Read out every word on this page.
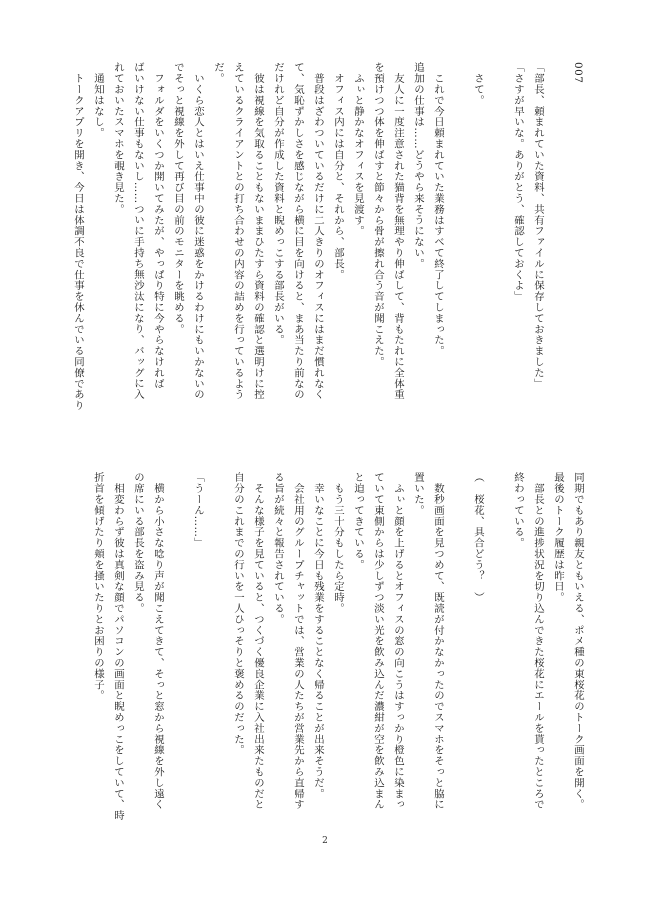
007

「部長、頼まれていた資料、共有ファイルに保存しておきました」
「さすが早いな。ありがとう、確認しておくよ」

　さて。

　これで今日頼まれていた業務はすべて終了してしまった。
追加の仕事は……どうやら来そうにない。
　友人に一度注意された猫背を無理やり伸ばして、背もたれに全体重
を預けつつ体を伸ばすと節々から骨が擦れ合う音が聞こえた。
　ふぃと静かなオフィスを見渡す。
　オフィス内には自分と、それから、部長。
　普段はざわついているだけに二人きりのオフィスにはまだ慣れなく
て、気恥ずかしさを感じながら横に目を向けると、まあ当たり前なの
だけれど自分が作成した資料と睨めっこする部長がいる。
　彼は視線を気取ることもないままひたすら資料の確認と選明けに控
えているクライアントとの打ち合わせの内容の詰めを行っているよう
だ。
　いくら恋人とはいえ仕事中の彼に迷惑をかけるわけにもいかないの
でそっと視線を外して再び目の前のモニターを眺める。
　フォルダをいくつか開いてみたが、やっぱり特に今やらなければ
ばいけない仕事もないし……ついに手持ち無沙汰になり、バッグに入
れておいたスマホを覗き見た。
　通知はなし。
　トークアプリを開き、今日は体調不良で仕事を休んでいる同僚であり
同期でもあり親友ともいえる、ポメ種の東桜花のトーク画面を開く。
最後のトーク履歴は昨日。
　部長との進捗状況を切り込んできた桜花にエールを貰ったところで
終わっている。

（　桜花、具合どう？　）

　数秒画面を見つめて、既読が付かなかったのでスマホをそっと脇に
置いた。
　ふぃと顔を上げるとオフィスの窓の向こうはすっかり橙色に染まっ
ていて東側からは少しずつ淡い光を飲み込んだ濃紺が空を飲み込まん
と迫ってきている。
　もう三十分もしたら定時。
　幸いなことに今日も残業をすることなく帰ることが出来そうだ。
　会社用のグループチャットでは、営業の人たちが営業先から直帰す
る旨が続々と報告されている。
　そんな様子を見ていると、つくづく優良企業に入社出来たものだと
自分のこれまでの行いを一人ひっそりと褒めるのだった。

「うーん……」

　横から小さな唸り声が聞こえてきて、そっと窓から視線を外し遠く
の席にいる部長を盗み見る。
　相変わらず彼は真剣な顔でパソコンの画面と睨めっこをしていて、時
折首を傾げたり頬を掻いたりとお困りの様子。
2
